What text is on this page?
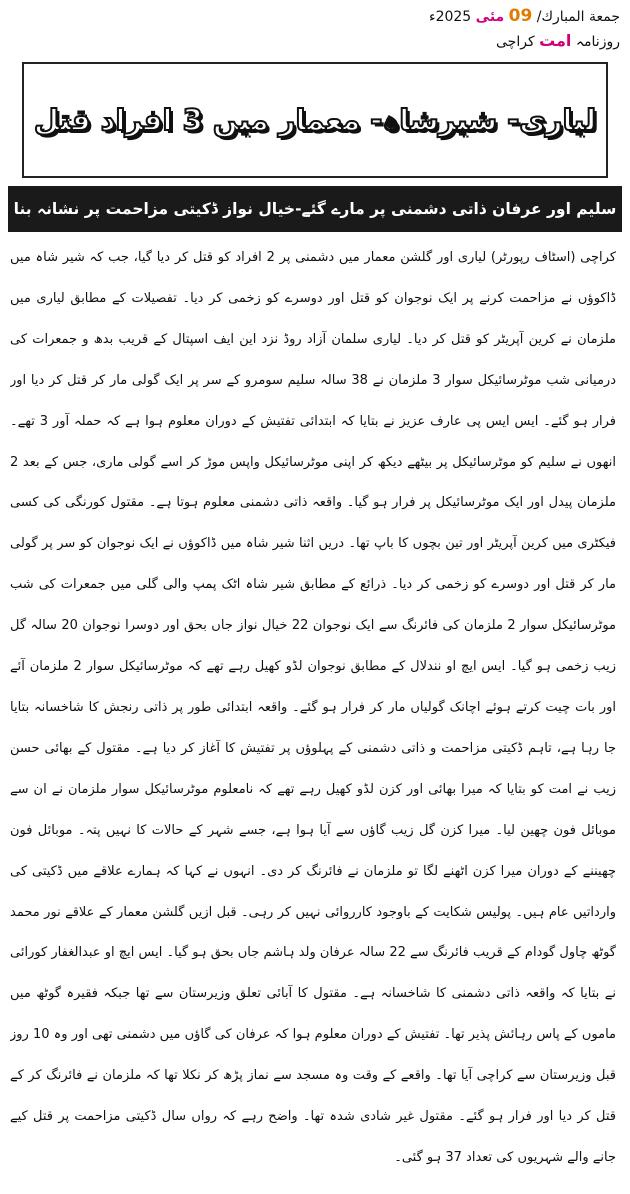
جمعة المبارك/ 09 مئی 2025ء
روزنامہ امت کراچی
لیاری- شیرشاہ- معمار میں 3 افراد قتل
سلیم اور عرفان ذاتی دشمنی پر مارے گئے-خیال نواز ڈکیتی مزاحمت پر نشانہ بنا
کراچی (اسٹاف رپورٹر) لیاری اور گلشن معمار میں دشمنی پر 2 افراد کو قتل کر دیا گیا، جب کہ شیر شاہ میں ڈاکوؤں نے مزاحمت کرنے پر ایک نوجوان کو قتل اور دوسرے کو زخمی کر دیا۔ تفصیلات کے مطابق لیاری میں ملزمان نے کرین آپریٹر کو قتل کر دیا۔ لیاری سلمان آزاد روڈ نزد این ایف اسپتال کے قریب بدھ و جمعرات کی درمیانی شب موٹرسائیکل سوار 3 ملزمان نے 38 سالہ سلیم سومرو کے سر پر ایک گولی مار کر قتل کر دیا اور فرار ہو گئے۔ ایس ایس پی عارف عزیز نے بتایا کہ ابتدائی تفتیش کے دوران معلوم ہوا ہے کہ حملہ آور 3 تھے۔ انھوں نے سلیم کو موٹرسائیکل پر بیٹھے دیکھ کر اپنی موٹرسائیکل واپس موڑ کر اسے گولی ماری، جس کے بعد 2 ملزمان پیدل اور ایک موٹرسائیکل پر فرار ہو گیا۔ واقعہ ذاتی دشمنی معلوم ہوتا ہے۔ مقتول کورنگی کی کسی فیکٹری میں کرین آپریٹر اور تین بچوں کا باپ تھا۔ دریں اثنا شیر شاہ میں ڈاکوؤں نے ایک نوجوان کو سر پر گولی مار کر قتل اور دوسرے کو زخمی کر دیا۔ ذرائع کے مطابق شیر شاہ اٹک پمپ والی گلی میں جمعرات کی شب موٹرسائیکل سوار 2 ملزمان کی فائرنگ سے ایک نوجوان 22 خیال نواز جاں بحق اور دوسرا نوجوان 20 سالہ گل زیب زخمی ہو گیا۔ ایس ایچ او نندلال کے مطابق نوجوان لڈو کھیل رہے تھے کہ موٹرسائیکل سوار 2 ملزمان آئے اور بات چیت کرتے ہوئے اچانک گولیاں مار کر فرار ہو گئے۔ واقعہ ابتدائی طور پر ذاتی رنجش کا شاخسانہ بتایا جا رہا ہے، تاہم ڈکیتی مزاحمت و ذاتی دشمنی کے پہلوؤں پر تفتیش کا آغاز کر دیا ہے۔ مقتول کے بھائی حسن زیب نے امت کو بتایا کہ میرا بھائی اور کزن لڈو کھیل رہے تھے کہ نامعلوم موٹرسائیکل سوار ملزمان نے ان سے موبائل فون چھین لیا۔ میرا کزن گل زیب گاؤں سے آیا ہوا ہے، جسے شہر کے حالات کا نہیں پتہ۔ موبائل فون چھیننے کے دوران میرا کزن اٹھنے لگا تو ملزمان نے فائرنگ کر دی۔ انہوں نے کہا کہ ہمارے علاقے میں ڈکیتی کی وارداتیں عام ہیں۔ پولیس شکایت کے باوجود کارروائی نہیں کر رہی۔ قبل ازیں گلشن معمار کے علاقے نور محمد گوٹھ چاول گودام کے قریب فائرنگ سے 22 سالہ عرفان ولد ہاشم جاں بحق ہو گیا۔ ایس ایچ او عبدالغفار کورائی نے بتایا کہ واقعہ ذاتی دشمنی کا شاخسانہ ہے۔ مقتول کا آبائی تعلق وزیرستان سے تھا جبکہ فقیرہ گوٹھ میں ماموں کے پاس رہائش پذیر تھا۔ تفتیش کے دوران معلوم ہوا کہ عرفان کی گاؤں میں دشمنی تھی اور وہ 10 روز قبل وزیرستان سے کراچی آیا تھا۔ واقعے کے وقت وہ مسجد سے نماز پڑھ کر نکلا تھا کہ ملزمان نے فائرنگ کر کے قتل کر دیا اور فرار ہو گئے۔ مقتول غیر شادی شدہ تھا۔ واضح رہے کہ رواں سال ڈکیتی مزاحمت پر قتل کیے جانے والے شہریوں کی تعداد 37 ہو گئی۔
